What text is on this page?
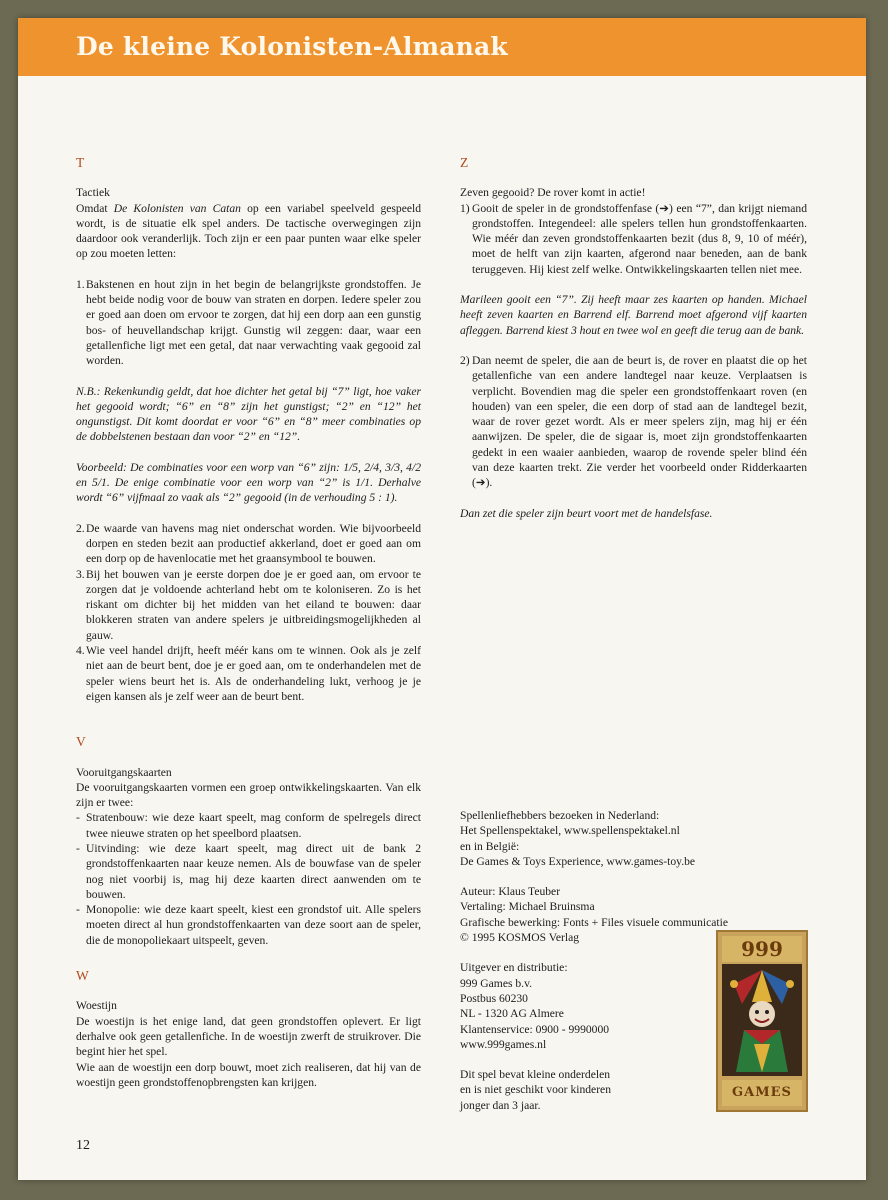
De kleine Kolonisten-Almanak

T

Tactiek

Omdat De Kolonisten van Catan op een variabel speelveld gespeeld wordt, is de situatie elk spel anders. De tactische overwegingen zijn daardoor ook veranderlijk. Toch zijn er een paar punten waar elke speler op zou moeten letten:

1. Bakstenen en hout zijn in het begin de belangrijkste grondstoffen. Je hebt beide nodig voor de bouw van straten en dorpen. Iedere speler zou er goed aan doen om ervoor te zorgen, dat hij een dorp aan een gunstig bos- of heuvellandschap krijgt. Gunstig wil zeggen: daar, waar een getallenfiche ligt met een getal, dat naar verwachting vaak gegooid zal worden.

N.B.: Rekenkundig geldt, dat hoe dichter het getal bij “7” ligt, hoe vaker het gegooid wordt; “6” en “8” zijn het gunstigst; “2” en “12” het ongunstigst. Dit komt doordat er voor “6” en “8” meer combinaties op de dobbelstenen bestaan dan voor “2” en “12”.

Voorbeeld: De combinaties voor een worp van “6” zijn: 1/5, 2/4, 3/3, 4/2 en 5/1. De enige combinatie voor een worp van “2” is 1/1. Derhalve wordt “6” vijfmaal zo vaak als “2” gegooid (in de verhouding 5 : 1).

2. De waarde van havens mag niet onderschat worden. Wie bijvoorbeeld dorpen en steden bezit aan productief akkerland, doet er goed aan om een dorp op de havenlocatie met het graansymbool te bouwen.
3. Bij het bouwen van je eerste dorpen doe je er goed aan, om ervoor te zorgen dat je voldoende achterland hebt om te koloniseren. Zo is het riskant om dichter bij het midden van het eiland te bouwen: daar blokkeren straten van andere spelers je uitbreidingsmogelijkheden al gauw.
4. Wie veel handel drijft, heeft méér kans om te winnen. Ook als je zelf niet aan de beurt bent, doe je er goed aan, om te onderhandelen met de speler wiens beurt het is. Als de onderhandeling lukt, verhoog je je eigen kansen als je zelf weer aan de beurt bent.

V

Vooruitgangskaarten

De vooruitgangskaarten vormen een groep ontwikkelingskaarten. Van elk zijn er twee:

- Stratenbouw: wie deze kaart speelt, mag conform de spelregels direct twee nieuwe straten op het speelbord plaatsen.
- Uitvinding: wie deze kaart speelt, mag direct uit de bank 2 grondstoffenkaarten naar keuze nemen. Als de bouwfase van de speler nog niet voorbij is, mag hij deze kaarten direct aanwenden om te bouwen.
- Monopolie: wie deze kaart speelt, kiest een grondstof uit. Alle spelers moeten direct al hun grondstoffenkaarten van deze soort aan de speler, die de monopoliekaart uitspeelt, geven.

W

Woestijn

De woestijn is het enige land, dat geen grondstoffen oplevert. Er ligt derhalve ook geen getallenfiche. In de woestijn zwerft de struikrover. Die begint hier het spel.

Wie aan de woestijn een dorp bouwt, moet zich realiseren, dat hij van de woestijn geen grondstoffenopbrengsten kan krijgen.

Z

Zeven gegooid? De rover komt in actie!

1) Gooit de speler in de grondstoffenfase (➔) een “7”, dan krijgt niemand grondstoffen. Integendeel: alle spelers tellen hun grondstoffenkaarten. Wie méér dan zeven grondstoffenkaarten bezit (dus 8, 9, 10 of méér), moet de helft van zijn kaarten, afgerond naar beneden, aan de bank teruggeven. Hij kiest zelf welke. Ontwikkelingskaarten tellen niet mee.

Marileen gooit een “7”. Zij heeft maar zes kaarten op handen. Michael heeft zeven kaarten en Barrend elf. Barrend moet afgerond vijf kaarten afleggen. Barrend kiest 3 hout en twee wol en geeft die terug aan de bank.

2) Dan neemt de speler, die aan de beurt is, de rover en plaatst die op het getallenfiche van een andere landtegel naar keuze. Verplaatsen is verplicht. Bovendien mag die speler een grondstoffenkaart roven (en houden) van een speler, die een dorp of stad aan de landtegel bezit, waar de rover gezet wordt. Als er meer spelers zijn, mag hij er één aanwijzen. De speler, die de sigaar is, moet zijn grondstoffenkaarten gedekt in een waaier aanbieden, waarop de rovende speler blind één van deze kaarten trekt. Zie verder het voorbeeld onder Ridderkaarten (➔).

Dan zet die speler zijn beurt voort met de handelsfase.

Spellenliefhebbers bezoeken in Nederland:
Het Spellenspektakel, www.spellenspektakel.nl
en in België:
De Games & Toys Experience, www.games-toy.be

Auteur: Klaus Teuber
Vertaling: Michael Bruinsma
Grafische bewerking: Fonts + Files visuele communicatie
© 1995 KOSMOS Verlag

Uitgever en distributie:
999 Games b.v.
Postbus 60230
NL - 1320 AG Almere
Klantenservice: 0900 - 9990000
www.999games.nl

Dit spel bevat kleine onderdelen
en is niet geschikt voor kinderen
jonger dan 3 jaar.

999
GAMES
12
